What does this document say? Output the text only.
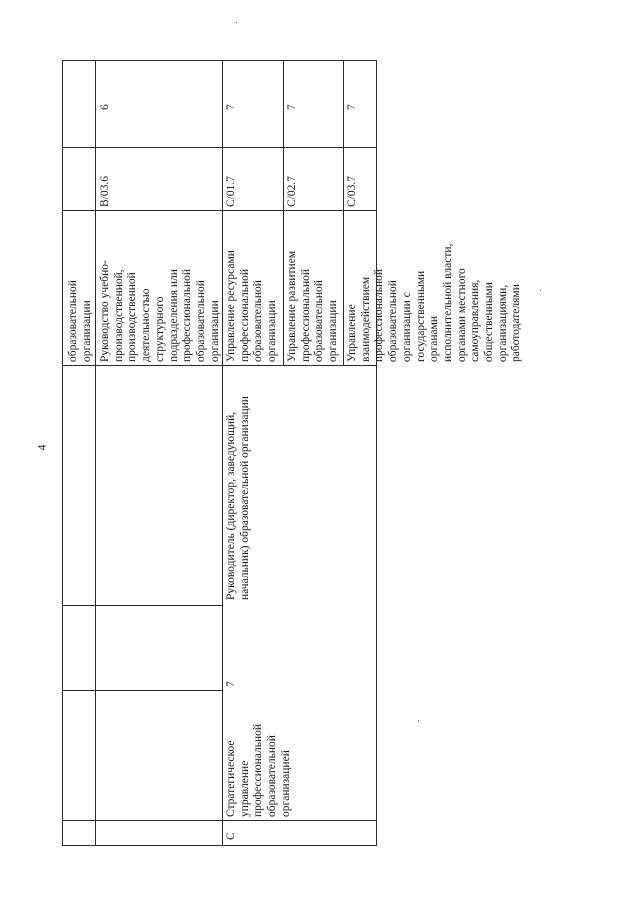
4
образовательной
организации Руководство учебно-
производственной,
производственной
деятельностью
структурного
подразделения или
профессиональной
образовательной
организации
В/03.6
6
С
Стратегическое
управление
профессиональной
образовательной
организацией
7
Руководитель (директор, заведующий,
начальник) образовательной организации
Управление ресурсами
профессиональной
образовательной
организации
С/01.7
7
Управление развитием
профессиональной
образовательной
организации
С/02.7
7
Управление
взаимодействием
профессиональной
образовательной
организации с
государственными
органами
исполнительной власти,
органами местного
самоуправления,
общественными
организациями,
работодателями
С/03.7
7
